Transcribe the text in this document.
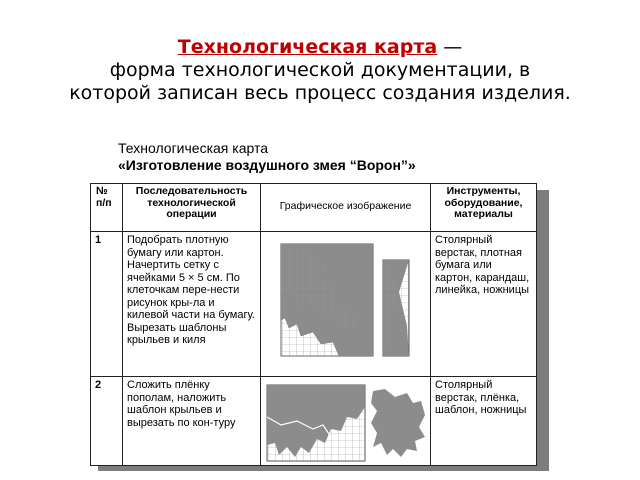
Технологическая карта —
форма технологической документации, в
которой записан весь процесс создания изделия.
Технологическая карта
«Изготовление воздушного змея “Ворон”»
№
п/п	Последовательность технологической операции	Графическое изображение	Инструменты, оборудование, материалы
1	Подобрать плотную бумагу или картон. Начертить сетку с ячейками 5 × 5 см. По клеточкам пере-нести рисунок кры-ла и килевой части на бумагу. Вырезать шаблоны крыльев и киля		Столярный верстак, плотная бумага или картон, карандаш, линейка, ножницы
2	Сложить плёнку пополам, наложить шаблон крыльев и вырезать по кон-туру		Столярный верстак, плёнка, шаблон, ножницы
